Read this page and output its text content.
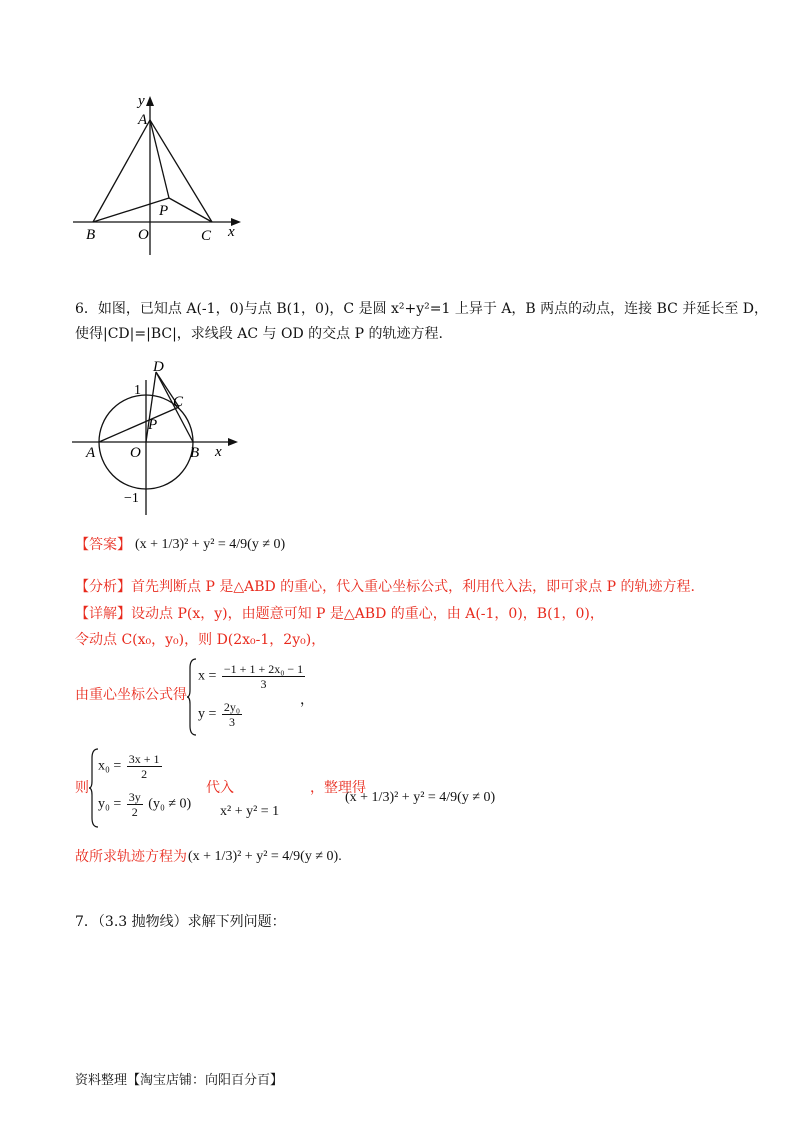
y
A
P
B	O	C x
6．如图，已知点 A(-1，0)与点 B(1，0)，C 是圆 x²+y²=1 上异于 A，B 两点的动点，连接 BC 并延长至 D，
使得|CD|=|BC|，求线段 AC 与 OD 的交点 P 的轨迹方程.
D
1
C
P
A O	B x
−1
【答案】 (x + 1/3)² + y² = 4/9(y ≠ 0)
【分析】 首先判断点 P 是△ABD 的重心，代入重心坐标公式，利用代入法，即可求点 P 的轨迹方程.
【详解】 设动点 P(x，y)，由题意可知 P 是△ABD 的重心，由 A(-1，0)，B(1，0)，
令动点 C(x₀，y₀)，则 D(2x₀-1，2y₀)，
由重心坐标公式得
$x = \frac{\text{−1 + 1 + 2x₀ − 1}}{3}$
$y = \frac{\text{2y₀}}{3}$	，
则
$x_0 = \frac{3x + 1}{2}$
$y_0 = \frac{3y}{2} (y_0 \ne 0)$
代入
x² + y² = 1
，整理得
(x + 1/3)² + y² = 4/9(y ≠ 0)
故所求轨迹方程为 (x + 1/3)² + y² = 4/9(y ≠ 0).
7．（3.3 抛物线）求解下列问题：
资料整理【淘宝店铺：向阳百分百】
